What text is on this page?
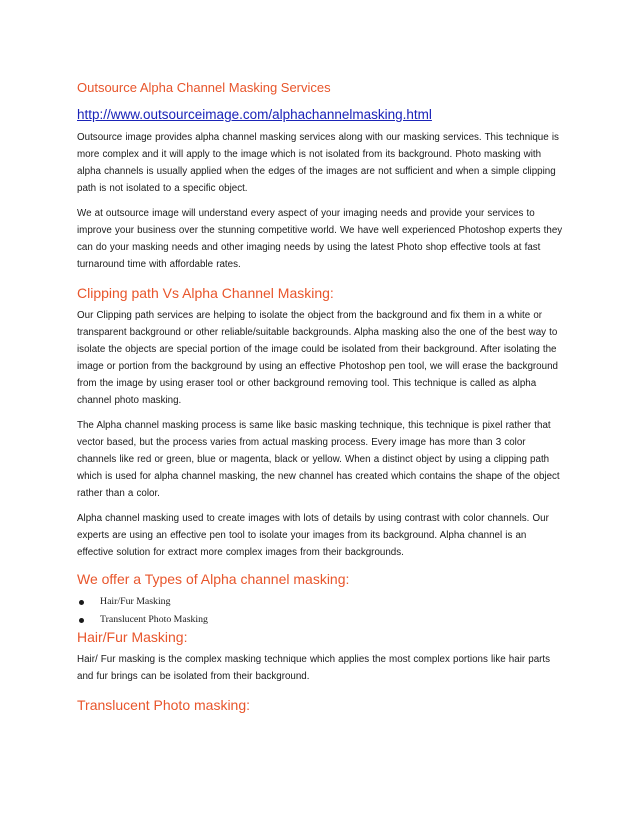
Outsource Alpha Channel Masking Services
http://www.outsourceimage.com/alphachannelmasking.html

Outsource image provides alpha channel masking services along with our masking services. This technique is more complex and it will apply to the image which is not isolated from its background. Photo masking with alpha channels is usually applied when the edges of the images are not sufficient and when a simple clipping path is not isolated to a specific object.

We at outsource image will understand every aspect of your imaging needs and provide your services to improve your business over the stunning competitive world. We have well experienced Photoshop experts they can do your masking needs and other imaging needs by using the latest Photo shop effective tools at fast turnaround time with affordable rates.

Clipping path Vs Alpha Channel Masking:

Our Clipping path services are helping to isolate the object from the background and fix them in a white or transparent background or other reliable/suitable backgrounds. Alpha masking also the one of the best way to isolate the objects are special portion of the image could be isolated from their background. After isolating the image or portion from the background by using an effective Photoshop pen tool, we will erase the background from the image by using eraser tool or other background removing tool. This technique is called as alpha channel photo masking.

The Alpha channel masking process is same like basic masking technique, this technique is pixel rather that vector based, but the process varies from actual masking process. Every image has more than 3 color channels like red or green, blue or magenta, black or yellow. When a distinct object by using a clipping path which is used for alpha channel masking, the new channel has created which contains the shape of the object rather than a color.

Alpha channel masking used to create images with lots of details by using contrast with color channels. Our experts are using an effective pen tool to isolate your images from its background. Alpha channel is an effective solution for extract more complex images from their backgrounds.

We offer a Types of Alpha channel masking:
Hair/Fur Masking
Translucent Photo Masking
Hair/Fur Masking:

Hair/ Fur masking is the complex masking technique which applies the most complex portions like hair parts and fur brings can be isolated from their background.

Translucent Photo masking:
